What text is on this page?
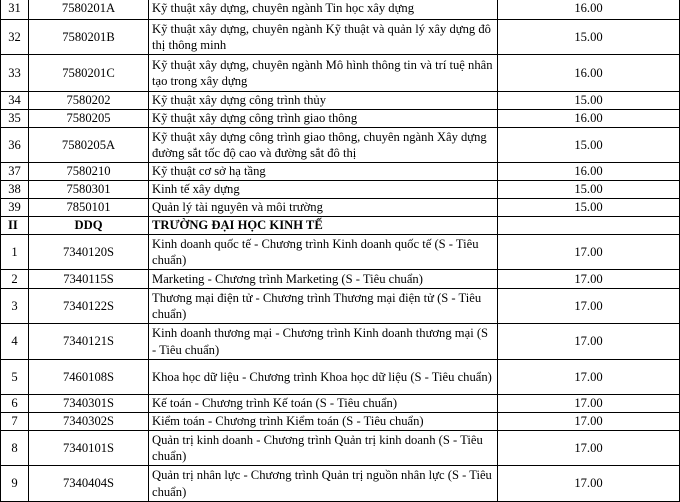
31	7580201A	Kỹ thuật xây dựng, chuyên ngành Tin học xây dựng	16.00
32	7580201B	Kỹ thuật xây dựng, chuyên ngành Kỹ thuật và quản lý xây dựng đô thị thông minh	15.00
33	7580201C	Kỹ thuật xây dựng, chuyên ngành Mô hình thông tin và trí tuệ nhân tạo trong xây dựng	16.00
34	7580202	Kỹ thuật xây dựng công trình thủy	15.00
35	7580205	Kỹ thuật xây dựng công trình giao thông	16.00
36	7580205A	Kỹ thuật xây dựng công trình giao thông, chuyên ngành Xây dựng đường sắt tốc độ cao và đường sắt đô thị	15.00
37	7580210	Kỹ thuật cơ sở hạ tầng	16.00
38	7580301	Kinh tế xây dựng	15.00
39	7850101	Quản lý tài nguyên và môi trường	15.00
II	DDQ	TRƯỜNG ĐẠI HỌC KINH TẾ	
1	7340120S	Kinh doanh quốc tế - Chương trình Kinh doanh quốc tế (S - Tiêu chuẩn)	17.00
2	7340115S	Marketing - Chương trình Marketing (S - Tiêu chuẩn)	17.00
3	7340122S	Thương mại điện tử - Chương trình Thương mại điện tử (S - Tiêu chuẩn)	17.00
4	7340121S	Kinh doanh thương mại - Chương trình Kinh doanh thương mại (S - Tiêu chuẩn)	17.00
5	7460108S	Khoa học dữ liệu - Chương trình Khoa học dữ liệu (S - Tiêu chuẩn)	17.00
6	7340301S	Kế toán - Chương trình Kế toán (S - Tiêu chuẩn)	17.00
7	7340302S	Kiểm toán - Chương trình Kiểm toán (S - Tiêu chuẩn)	17.00
8	7340101S	Quản trị kinh doanh - Chương trình Quản trị kinh doanh (S - Tiêu chuẩn)	17.00
9	7340404S	Quản trị nhân lực - Chương trình Quản trị nguồn nhân lực (S - Tiêu chuẩn)	17.00
